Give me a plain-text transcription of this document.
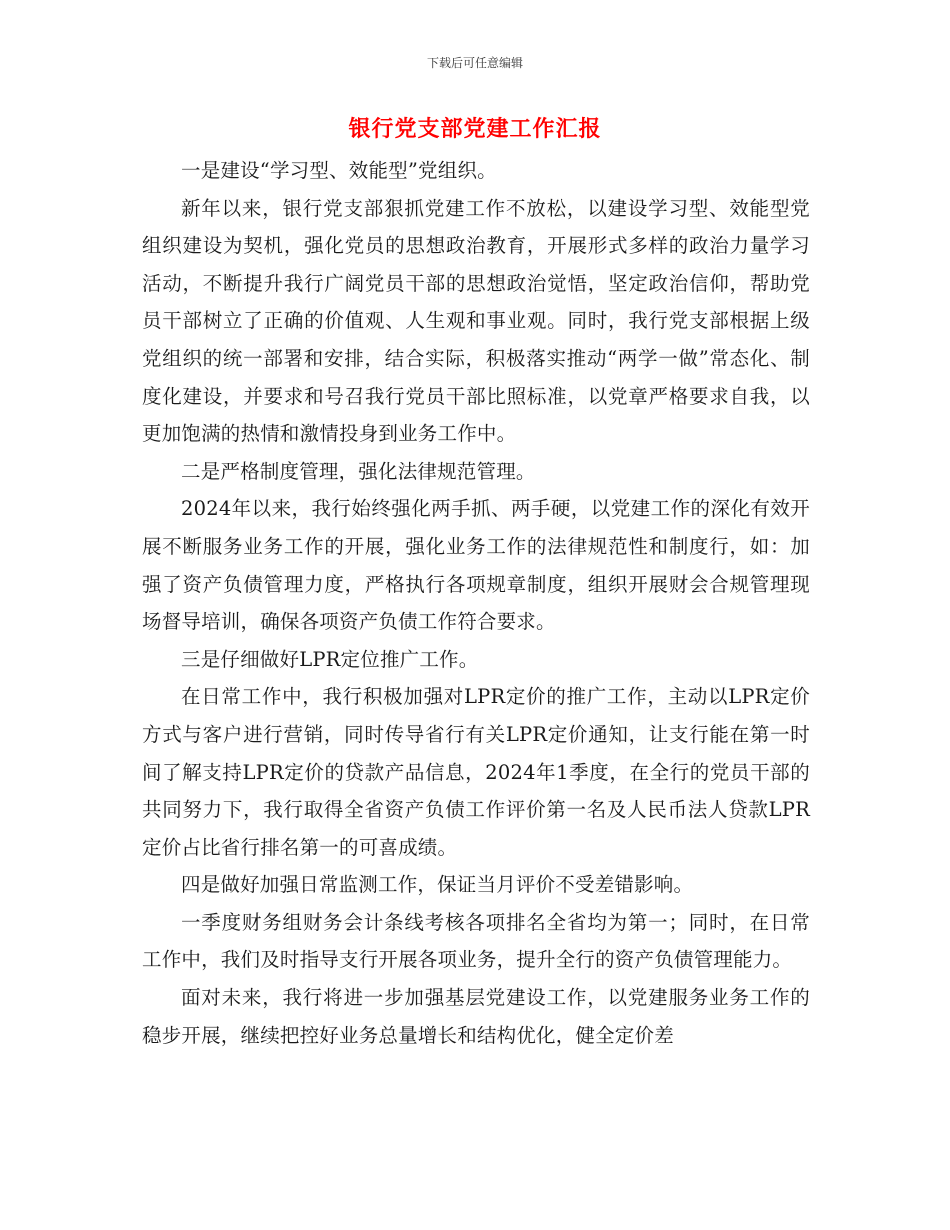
下载后可任意编辑
银行党支部党建工作汇报

一是建设“学习型、效能型”党组织。

新年以来，银行党支部狠抓党建工作不放松，以建设学习型、效能型党组织建设为契机，强化党员的思想政治教育，开展形式多样的政治力量学习活动，不断提升我行广阔党员干部的思想政治觉悟，坚定政治信仰，帮助党员干部树立了正确的价值观、人生观和事业观。同时，我行党支部根据上级党组织的统一部署和安排，结合实际，积极落实推动“两学一做”常态化、制度化建设，并要求和号召我行党员干部比照标准，以党章严格要求自我，以更加饱满的热情和激情投身到业务工作中。

二是严格制度管理，强化法律规范管理。

2024年以来，我行始终强化两手抓、两手硬，以党建工作的深化有效开展不断服务业务工作的开展，强化业务工作的法律规范性和制度行，如：加强了资产负债管理力度，严格执行各项规章制度，组织开展财会合规管理现场督导培训，确保各项资产负债工作符合要求。

三是仔细做好LPR定位推广工作。

在日常工作中，我行积极加强对LPR定价的推广工作，主动以LPR定价方式与客户进行营销，同时传导省行有关LPR定价通知，让支行能在第一时间了解支持LPR定价的贷款产品信息，2024年1季度，在全行的党员干部的共同努力下，我行取得全省资产负债工作评价第一名及人民币法人贷款LPR定价占比省行排名第一的可喜成绩。

四是做好加强日常监测工作，保证当月评价不受差错影响。

一季度财务组财务会计条线考核各项排名全省均为第一；同时，在日常工作中，我们及时指导支行开展各项业务，提升全行的资产负债管理能力。

面对未来，我行将进一步加强基层党建设工作，以党建服务业务工作的稳步开展，继续把控好业务总量增长和结构优化，健全定价差
